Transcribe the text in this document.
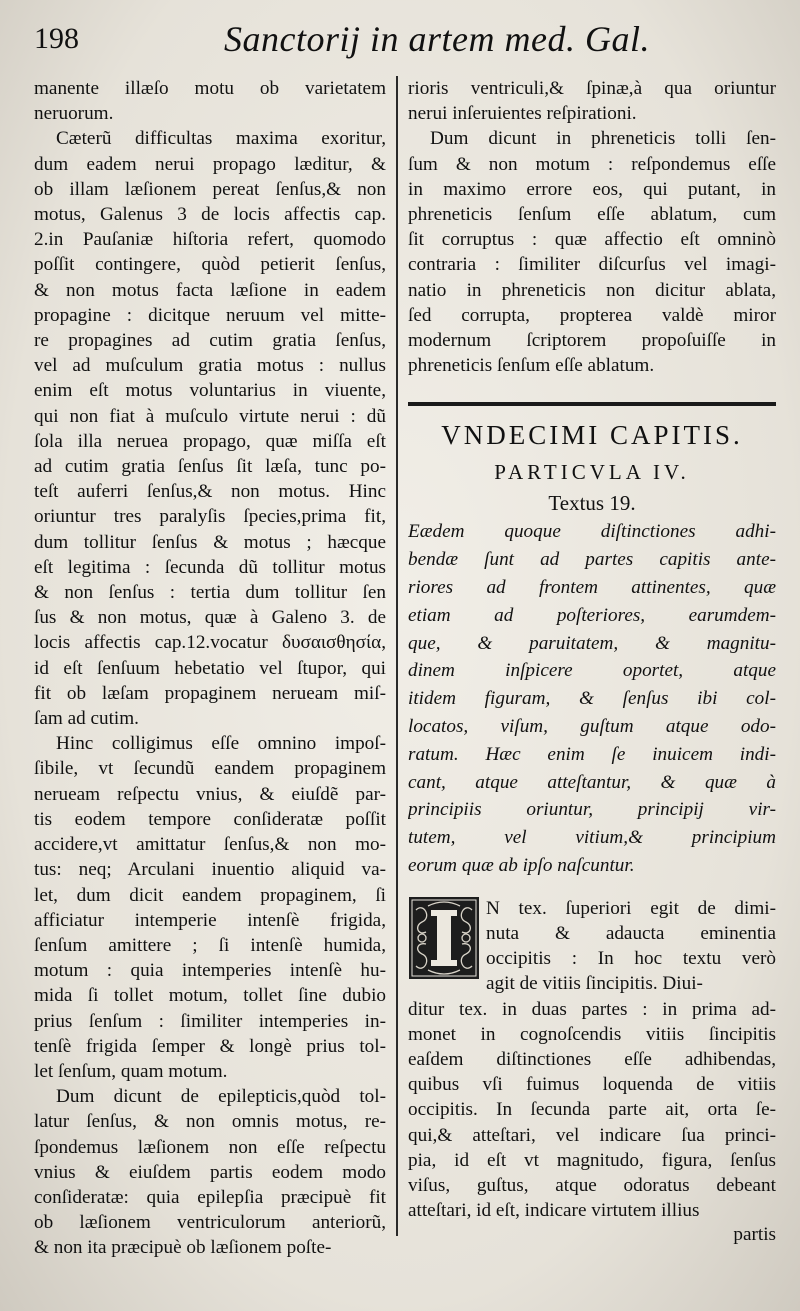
198	Sanctorij in artem med. Gal.
manente illæſo motu ob varietatem
neruorum.
Cæterũ difficultas maxima exoritur,
dum eadem nerui propago læditur, &
ob illam læſionem pereat ſenſus,& non
motus, Galenus 3 de locis affectis cap.
2.in Pauſaniæ hiſtoria refert, quomodo
poſſit contingere, quòd petierit ſenſus,
& non motus facta læſione in eadem
propagine : dicitque neruum vel mitte-
re propagines ad cutim gratia ſenſus,
vel ad muſculum gratia motus : nullus
enim eſt motus voluntarius in viuente,
qui non fiat à muſculo virtute nerui : dũ
ſola illa neruea propago, quæ miſſa eſt
ad cutim gratia ſenſus ſit læſa, tunc po-
teſt auferri ſenſus,& non motus. Hinc
oriuntur tres paralyſis ſpecies,prima fit,
dum tollitur ſenſus & motus ; hæcque
eſt legitima : ſecunda dũ tollitur motus
& non ſenſus : tertia dum tollitur ſen
ſus & non motus, quæ à Galeno 3. de
locis affectis cap.12.vocatur δυσαισθησία,
id eſt ſenſuum hebetatio vel ſtupor, qui
fit ob læſam propaginem nerueam miſ-
ſam ad cutim.
Hinc colligimus eſſe omnino impoſ-
ſibile, vt ſecundũ eandem propaginem
nerueam reſpectu vnius, & eiuſdẽ par-
tis eodem tempore conſideratæ poſſit
accidere,vt amittatur ſenſus,& non mo-
tus: neq; Arculani inuentio aliquid va-
let, dum dicit eandem propaginem, ſi
afficiatur intemperie intenſè frigida,
ſenſum amittere ; ſi intenſè humida,
motum : quia intemperies intenſè hu-
mida ſi tollet motum, tollet ſine dubio
prius ſenſum : ſimiliter intemperies in-
tenſè frigida ſemper & longè prius tol-
let ſenſum, quam motum.
Dum dicunt de epilepticis,quòd tol-
latur ſenſus, & non omnis motus, re-
ſpondemus læſionem non eſſe reſpectu
vnius & eiuſdem partis eodem modo
conſideratæ: quia epilepſia præcipuè fit
ob læſionem ventriculorum anteriorũ,
& non ita præcipuè ob læſionem poſte-
rioris ventriculi,& ſpinæ,à qua oriuntur
nerui inſeruientes reſpirationi.
Dum dicunt in phreneticis tolli ſen-
ſum & non motum : reſpondemus eſſe
in maximo errore eos, qui putant, in
phreneticis ſenſum eſſe ablatum, cum
ſit corruptus : quæ affectio eſt omninò
contraria : ſimiliter diſcurſus vel imagi-
natio in phreneticis non dicitur ablata,
ſed corrupta, propterea valdè miror
modernum ſcriptorem propoſuiſſe in
phreneticis ſenſum eſſe ablatum.
VNDECIMI CAPITIS.
PARTICVLA IV.
Textus 19.
Eædem quoque diſtinctiones adhi-
bendæ ſunt ad partes capitis ante-
riores ad frontem attinentes, quæ
etiam ad poſteriores, earumdem-
que, & paruitatem, & magnitu-
dinem inſpicere oportet, atque
itidem figuram, & ſenſus ibi col-
locatos, viſum, guſtum atque odo-
ratum. Hæc enim ſe inuicem indi-
cant, atque atteſtantur, & quæ à
principiis oriuntur, principij vir-
tutem, vel vitium,& principium
eorum quæ ab ipſo naſcuntur.
I
N tex. ſuperiori egit de dimi-
nuta & adaucta eminentia
occipitis : In hoc textu verò
agit de vitiis ſincipitis. Diui-
ditur tex. in duas partes : in prima ad-
monet in cognoſcendis vitiis ſincipitis
eaſdem diſtinctiones eſſe adhibendas,
quibus vſi fuimus loquenda de vitiis
occipitis. In ſecunda parte ait, orta ſe-
qui,& atteſtari, vel indicare ſua princi-
pia, id eſt vt magnitudo, figura, ſenſus
viſus, guſtus, atque odoratus debeant
atteſtari, id eſt, indicare virtutem illius
partis
